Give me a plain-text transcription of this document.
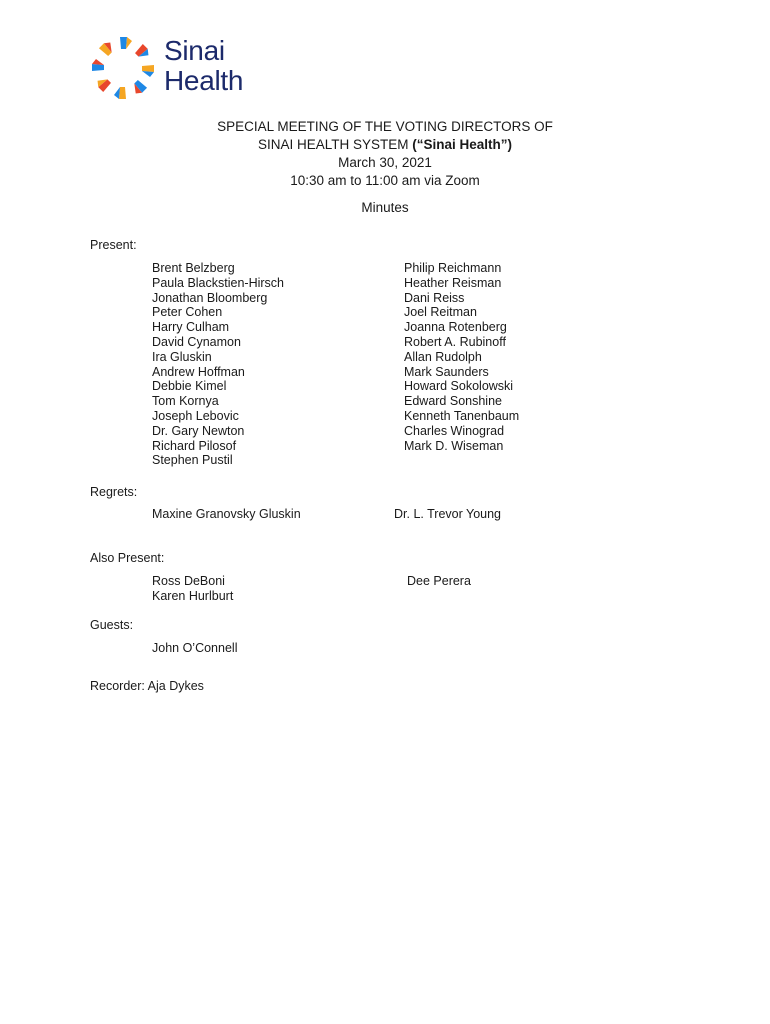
Sinai
Health
SPECIAL MEETING OF THE VOTING DIRECTORS OF
SINAI HEALTH SYSTEM (“Sinai Health”)
March 30, 2021
10:30 am to 11:00 am via Zoom
Minutes
Present:
Brent Belzberg
Paula Blackstien-Hirsch
Jonathan Bloomberg
Peter Cohen
Harry Culham
David Cynamon
Ira Gluskin
Andrew Hoffman
Debbie Kimel
Tom Kornya
Joseph Lebovic
Dr. Gary Newton
Richard Pilosof
Stephen Pustil
Philip Reichmann
Heather Reisman
Dani Reiss
Joel Reitman
Joanna Rotenberg
Robert A. Rubinoff
Allan Rudolph
Mark Saunders
Howard Sokolowski
Edward Sonshine
Kenneth Tanenbaum
Charles Winograd
Mark D. Wiseman
Regrets:
Maxine Granovsky Gluskin	Dr. L. Trevor Young
Also Present:
Ross DeBoni
Karen Hurlburt
Dee Perera
Guests:
John O’Connell
Recorder: Aja Dykes
